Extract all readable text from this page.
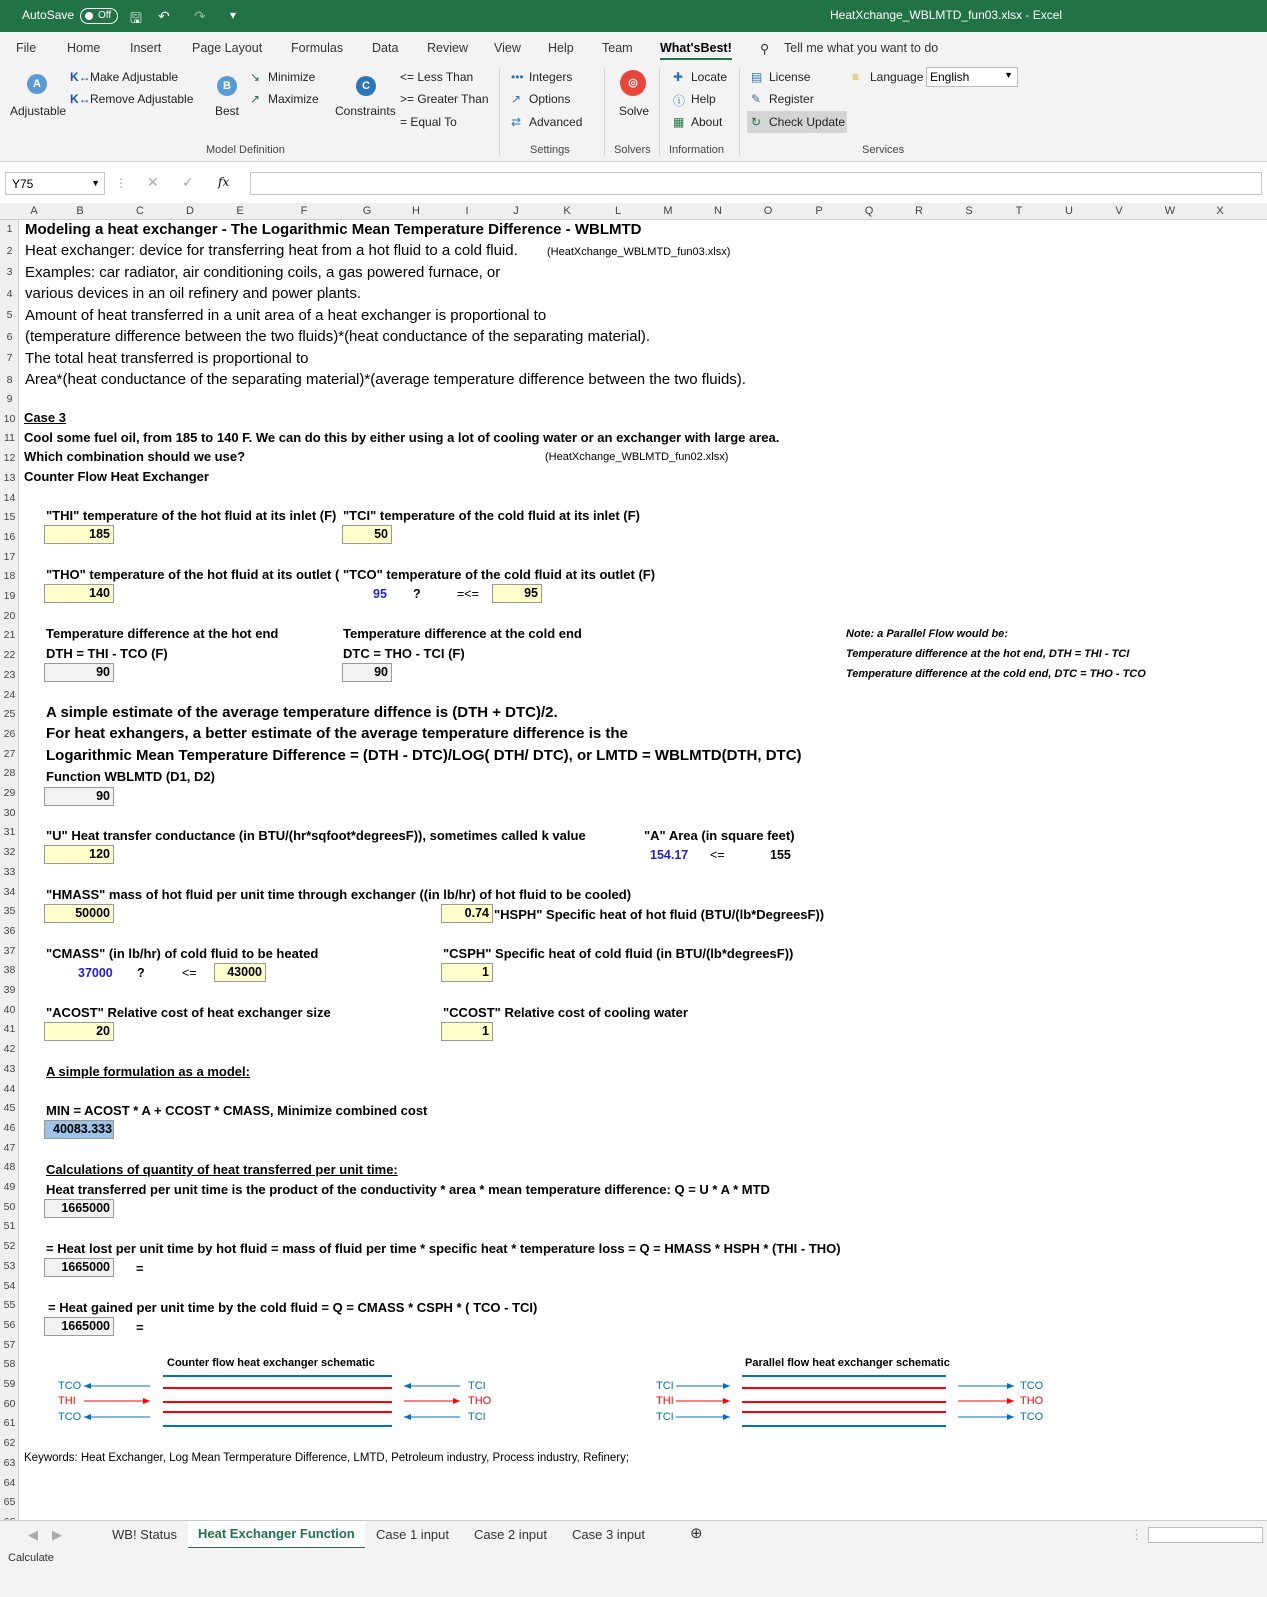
AutoSave	Off	🖫 ↶ ↷ ▾	HeatXchange_WBLMTD_fun03.xlsx - Excel
File Home Insert Page Layout Formulas Data Review View Help Team What'sBest! ⚲ Tell me what you want to do
A
Adjustable
K↔ Make Adjustable
K↔ Remove Adjustable
B
Best
↘ Minimize
↗ Maximize
C
Constraints
<= Less Than
>= Greater Than
= Equal To
••• Integers
↗ Options
⇄ Advanced
◎
Solve
✚ Locate
ⓘ Help
▦ About
▤ License
✎ Register
↻ Check Update
≡ Language English	▼
Model Definition	Settings	Solvers Information	Services
Y75	▼ ⋮ ✕ ✓ fx
A	B	C	D	E	F	G	H	I	J	K	L	M	N	O	P	Q	R	S	T	U	V	W	X
1
2
3
4
5
6
7
8
9
10
11
12
13
14
15
16
17
18
19
20
21
22
23
24
25
26
27
28
29
30
31
32
33
34
35
36
37
38
39
40
41
42
43
44
45
46
47
48
49
50
51
52
53
54
55
56
57
58
59
60
61
62
63
64
65
Modeling a heat exchanger - The Logarithmic Mean Temperature Difference - WBLMTD
Heat exchanger: device for transferring heat from a hot fluid to a cold fluid.	(HeatXchange_WBLMTD_fun03.xlsx)
Examples: car radiator, air conditioning coils, a gas powered furnace, or
various devices in an oil refinery and power plants.
Amount of heat transferred in a unit area of a heat exchanger is proportional to
(temperature difference between the two fluids)*(heat conductance of the separating material).
The total heat transferred is proportional to
Area*(heat conductance of the separating material)*(average temperature difference between the two fluids).
Case 3
Cool some fuel oil, from 185 to 140 F. We can do this by either using a lot of cooling water or an exchanger with large area.
Which combination should we use?	(HeatXchange_WBLMTD_fun02.xlsx)
Counter Flow Heat Exchanger
"THI" temperature of the hot fluid at its inlet (F) "TCI" temperature of the cold fluid at its inlet (F)
185	50
"THO" temperature of the hot fluid at its outlet ( "TCO" temperature of the cold fluid at its outlet (F)
140	95 ?	=<=	95
Temperature difference at the hot end	Temperature difference at the cold end
DTH = THI - TCO (F)	DTC = THO - TCI (F)
90	90
Note: a Parallel Flow would be:
Temperature difference at the hot end, DTH = THI - TCI
Temperature difference at the cold end, DTC = THO - TCO
A simple estimate of the average temperature diffence is (DTH + DTC)/2.
For heat exhangers, a better estimate of the average temperature difference is the
Logarithmic Mean Temperature Difference = (DTH - DTC)/LOG( DTH/ DTC), or LMTD = WBLMTD(DTH, DTC)
Function WBLMTD (D1, D2)
90
"U" Heat transfer conductance (in BTU/(hr*sqfoot*degreesF)), sometimes called k value	"A" Area (in square feet)
120	154.17 <=	155
"HMASS" mass of hot fluid per unit time through exchanger ((in lb/hr) of hot fluid to be cooled)
50000	0.74 "HSPH" Specific heat of hot fluid (BTU/(lb*DegreesF))
"CMASS" (in lb/hr) of cold fluid to be heated	"CSPH" Specific heat of cold fluid (in BTU/(lb*degreesF))
37000 ?	<=	43000	1
"ACOST" Relative cost of heat exchanger size	"CCOST" Relative cost of cooling water
20	1
A simple formulation as a model:
MIN = ACOST * A + CCOST * CMASS, Minimize combined cost
40083.333
Calculations of quantity of heat transferred per unit time:
Heat transferred per unit time is the product of the conductivity * area * mean temperature difference: Q = U * A * MTD
1665000
= Heat lost per unit time by hot fluid = mass of fluid per time * specific heat * temperature loss = Q = HMASS * HSPH * (THI - THO)
1665000	=
= Heat gained per unit time by the cold fluid = Q = CMASS * CSPH * ( TCO - TCI)
1665000	=
Counter flow heat exchanger schematic
TCO
THI
TCO
TCI
THO
TCI
Parallel flow heat exchanger schematic
TCI
THI
TCI
TCO
THO
TCO
Keywords: Heat Exchanger, Log Mean Termperature Difference, LMTD, Petroleum industry, Process industry, Refinery;
◀ ▶	WB! Status	Heat Exchanger Function	Case 1 input Case 2 input Case 3 input	⊕	⋮
Calculate
